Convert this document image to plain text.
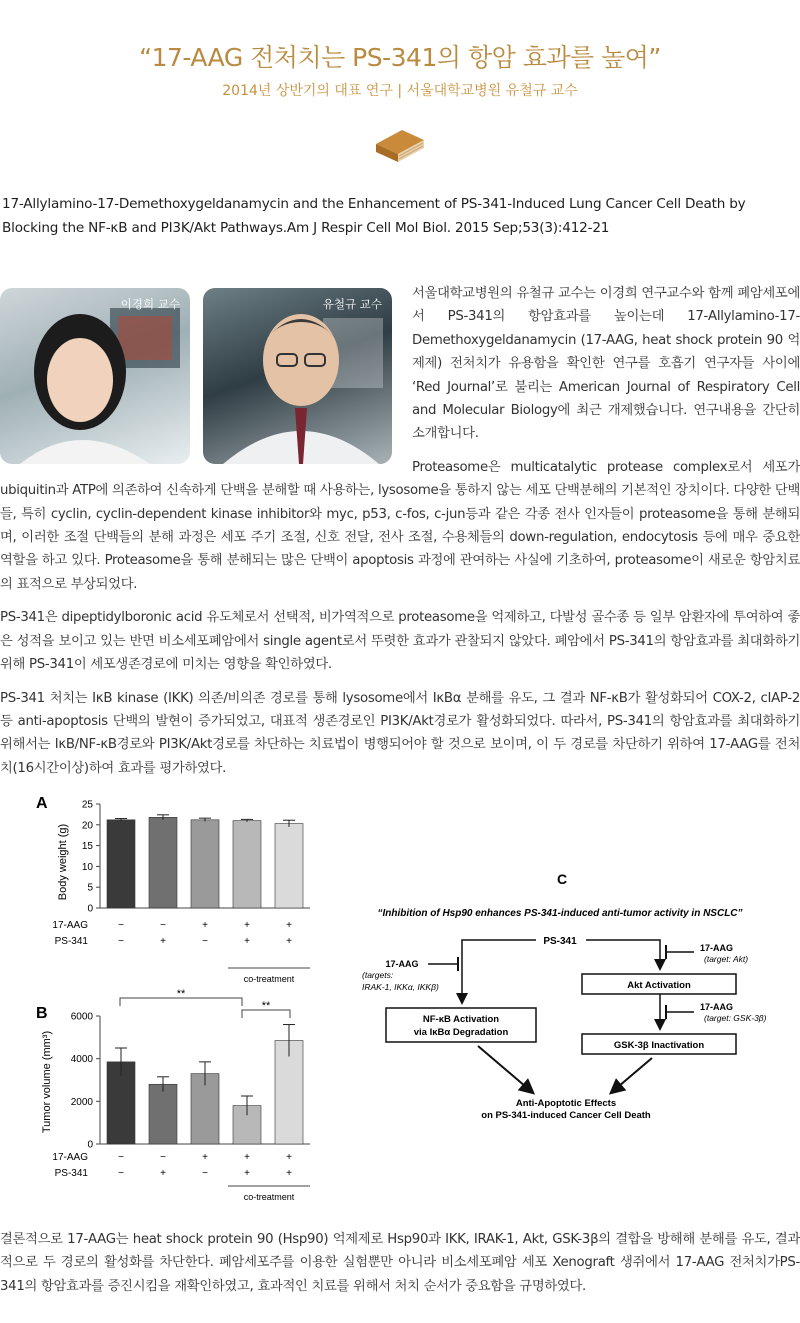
“17-AAG 전처치는 PS-341의 항암 효과를 높여”
2014년 상반기의 대표 연구 | 서울대학교병원 유철규 교수
17-Allylamino-17-Demethoxygeldanamycin and the Enhancement of PS-341-Induced Lung Cancer Cell Death by Blocking the NF-κB and PI3K/Akt Pathways.Am J Respir Cell Mol Biol. 2015 Sep;53(3):412-21
이경희 교수	유철규 교수

서울대학교병원의 유철규 교수는 이경희 연구교수와 함께 폐암세포에서 PS-341의 항암효과를 높이는데 17-Allylamino-17-Demethoxygeldanamycin (17-AAG, heat shock protein 90 억제제) 전처치가 유용함을 확인한 연구를 호흡기 연구자들 사이에 ‘Red Journal’로 불리는 American Journal of Respiratory Cell and Molecular Biology에 최근 개제했습니다. 연구내용을 간단히 소개합니다.

Proteasome은 multicatalytic protease complex로서 세포가 ubiquitin과 ATP에 의존하여 신속하게 단백을 분해할 때 사용하는, lysosome을 통하지 않는 세포 단백분해의 기본적인 장치이다. 다양한 단백들, 특히 cyclin, cyclin-dependent kinase inhibitor와 myc, p53, c-fos, c-jun등과 같은 각종 전사 인자들이 proteasome을 통해 분해되며, 이러한 조절 단백들의 분해 과정은 세포 주기 조절, 신호 전달, 전사 조절, 수용체들의 down-regulation, endocytosis 등에 매우 중요한 역할을 하고 있다. Proteasome을 통해 분해되는 많은 단백이 apoptosis 과정에 관여하는 사실에 기초하여, proteasome이 새로운 항암치료의 표적으로 부상되었다.

PS-341은 dipeptidylboronic acid 유도체로서 선택적, 비가역적으로 proteasome을 억제하고, 다발성 골수종 등 일부 암환자에 투여하여 좋은 성적을 보이고 있는 반면 비소세포폐암에서 single agent로서 뚜렷한 효과가 관찰되지 않았다. 폐암에서 PS-341의 항암효과를 최대화하기 위해 PS-341이 세포생존경로에 미치는 영향을 확인하였다.

PS-341 처치는 IκB kinase (IKK) 의존/비의존 경로를 통해 lysosome에서 IκBα 분해를 유도, 그 결과 NF-κB가 활성화되어 COX-2, cIAP-2 등 anti-apoptosis 단백의 발현이 증가되었고, 대표적 생존경로인 PI3K/Akt경로가 활성화되었다. 따라서, PS-341의 항암효과를 최대화하기 위해서는 IκB/NF-κB경로와 PI3K/Akt경로를 차단하는 치료법이 병행되어야 할 것으로 보이며, 이 두 경로를 차단하기 위하여 17-AAG를 전처치(16시간이상)하여 효과를 평가하였다.

A
Body weight (g)
0
5
10
15
20
25
17-AAG
PS-341
−
−
−
+
+
−
+
+
+
+
co-treatment
B
Tumor volume (mm³)
0
2000
4000
6000
**
**
17-AAG
PS-341
−
−
−
+
+
−
+
+
+
+
co-treatment
C
“Inhibition of Hsp90 enhances PS-341-induced anti-tumor activity in NSCLC”
PS-341
17-AAG
(targets:
IRAK-1, IKKα, IKKβ)
17-AAG
(target: Akt)
Akt Activation
17-AAG
(target: GSK-3β)
GSK-3β Inactivation
NF-κB Activation
via IκBα Degradation
Anti-Apoptotic Effects
on PS-341-induced Cancer Cell Death
결론적으로 17-AAG는 heat shock protein 90 (Hsp90) 억제제로 Hsp90과 IKK, IRAK-1, Akt, GSK-3β의 결합을 방해해 분해를 유도, 결과적으로 두 경로의 활성화를 차단한다. 폐암세포주를 이용한 실험뿐만 아니라 비소세포폐암 세포 Xenograft 생쥐에서 17-AAG 전처치가PS-341의 항암효과를 증진시킴을 재확인하였고, 효과적인 치료를 위해서 처치 순서가 중요함을 규명하였다.
